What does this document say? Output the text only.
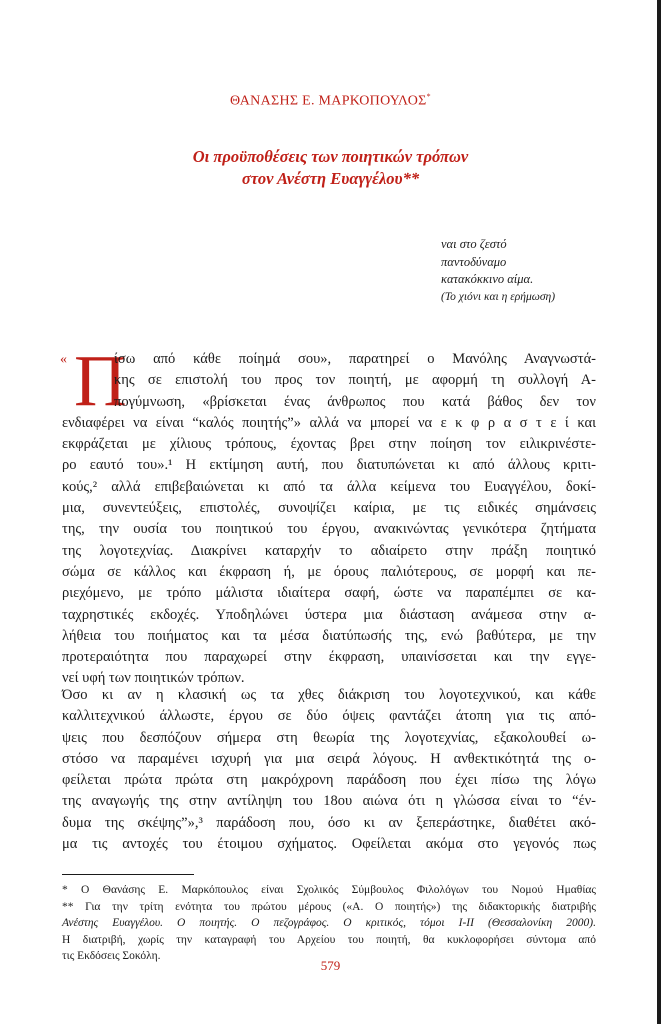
ΘΑΝΑΣΗΣ Ε. ΜΑΡΚΟΠΟΥΛΟΣ*
Οι προϋποθέσεις των ποιητικών τρόπων
στον Ανέστη Ευαγγέλου**
ναι στο ζεστό
παντοδύναμο
κατακόκκινο αίμα.
(Το χιόνι και η ερήμωση)
« Π
ίσω από κάθε ποίημά σου», παρατηρεί ο Μανόλης Αναγνωστά-
κης σε επιστολή του προς τον ποιητή, με αφορμή τη συλλογή Α-
πογύμνωση, «βρίσκεται ένας άνθρωπος που κατά βάθος δεν τον
ενδιαφέρει να είναι “καλός ποιητής”» αλλά να μπορεί να ε κ φ ρ α σ τ ε ί και
εκφράζεται με χίλιους τρόπους, έχοντας βρει στην ποίηση τον ειλικρινέστε-
ρο εαυτό του».¹ Η εκτίμηση αυτή, που διατυπώνεται κι από άλλους κριτι-
κούς,² αλλά επιβεβαιώνεται κι από τα άλλα κείμενα του Ευαγγέλου, δοκί-
μια, συνεντεύξεις, επιστολές, συνοψίζει καίρια, με τις ειδικές σημάνσεις
της, την ουσία του ποιητικού του έργου, ανακινώντας γενικότερα ζητήματα
της λογοτεχνίας. Διακρίνει καταρχήν το αδιαίρετο στην πράξη ποιητικό
σώμα σε κάλλος και έκφραση ή, με όρους παλιότερους, σε μορφή και πε-
ριεχόμενο, με τρόπο μάλιστα ιδιαίτερα σαφή, ώστε να παραπέμπει σε κα-
ταχρηστικές εκδοχές. Υποδηλώνει ύστερα μια διάσταση ανάμεσα στην α-
λήθεια του ποιήματος και τα μέσα διατύπωσής της, ενώ βαθύτερα, με την
προτεραιότητα που παραχωρεί στην έκφραση, υπαινίσσεται και την εγγε-
νεί υφή των ποιητικών τρόπων.
Όσο κι αν η κλασική ως τα χθες διάκριση του λογοτεχνικού, και κάθε
καλλιτεχνικού άλλωστε, έργου σε δύο όψεις φαντάζει άτοπη για τις από-
ψεις που δεσπόζουν σήμερα στη θεωρία της λογοτεχνίας, εξακολουθεί ω-
στόσο να παραμένει ισχυρή για μια σειρά λόγους. Η ανθεκτικότητά της ο-
φείλεται πρώτα πρώτα στη μακρόχρονη παράδοση που έχει πίσω της λόγω
της αναγωγής της στην αντίληψη του 18ου αιώνα ότι η γλώσσα είναι το “έν-
δυμα της σκέψης”»,³ παράδοση που, όσο κι αν ξεπεράστηκε, διαθέτει ακό-
μα τις αντοχές του έτοιμου σχήματος. Οφείλεται ακόμα στο γεγονός πως
* Ο Θανάσης Ε. Μαρκόπουλος είναι Σχολικός Σύμβουλος Φιλολόγων του Νομού Ημαθίας
** Για την τρίτη ενότητα του πρώτου μέρους («Α. Ο ποιητής») της διδακτορικής διατριβής
Ανέστης Ευαγγέλου. Ο ποιητής. Ο πεζογράφος. Ο κριτικός, τόμοι Ι-ΙΙ (Θεσσαλονίκη 2000).
Η διατριβή, χωρίς την καταγραφή του Αρχείου του ποιητή, θα κυκλοφορήσει σύντομα από
τις Εκδόσεις Σοκόλη.
579
